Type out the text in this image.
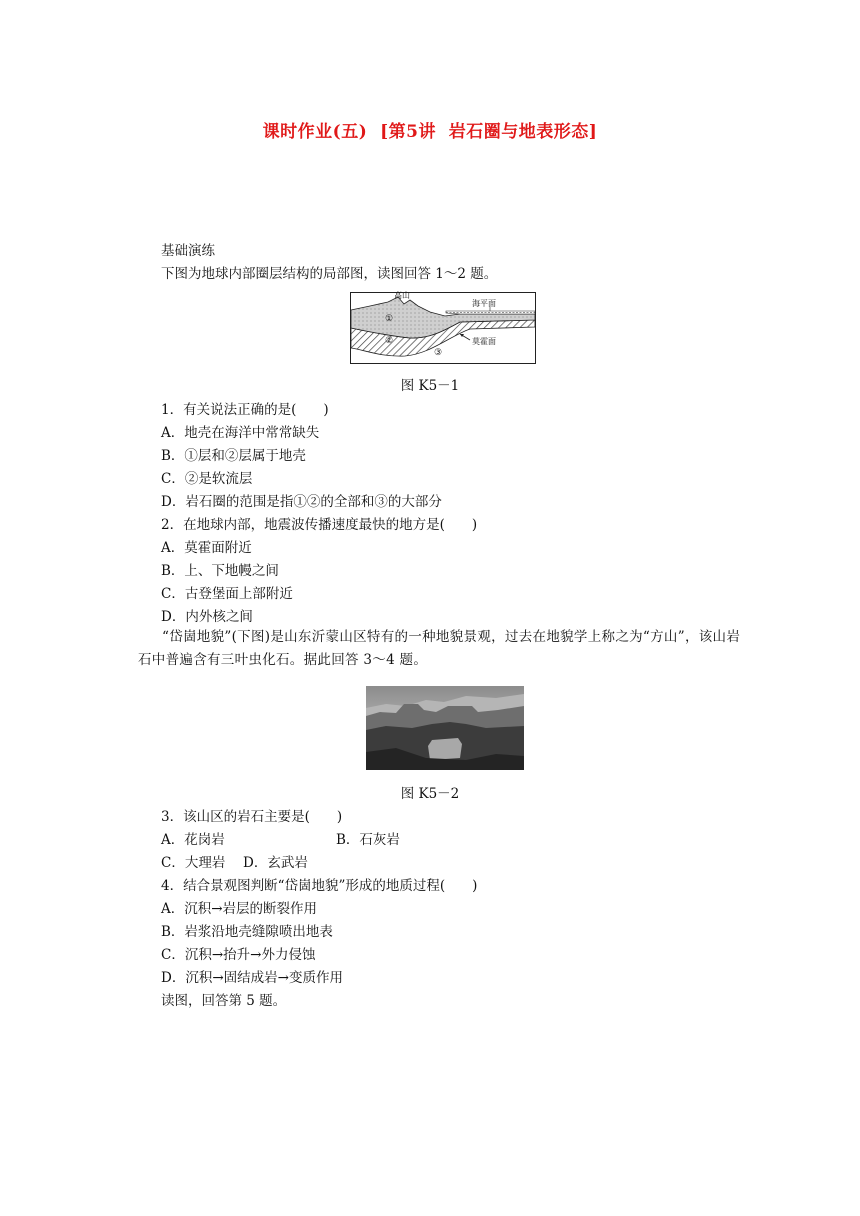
课时作业(五)  [第5讲  岩石圈与地表形态]
基础演练
下图为地球内部圈层结构的局部图，读图回答 1～2 题。
高山
海平面
莫霍面
①
②
③
图 K5－1
1．有关说法正确的是(　　)
A．地壳在海洋中常常缺失
B．①层和②层属于地壳
C．②是软流层
D．岩石圈的范围是指①②的全部和③的大部分
2．在地球内部，地震波传播速度最快的地方是(　　)
A．莫霍面附近
B．上、下地幔之间
C．古登堡面上部附近
D．内外核之间
“岱崮地貌”(下图)是山东沂蒙山区特有的一种地貌景观，过去在地貌学上称之为“方山”，该山岩石中普遍含有三叶虫化石。据此回答 3～4 题。
图 K5－2
3．该山区的岩石主要是(　　)
A．花岗岩	B．石灰岩
C．大理岩 D．玄武岩
4．结合景观图判断“岱崮地貌”形成的地质过程(　　)
A．沉积→岩层的断裂作用
B．岩浆沿地壳缝隙喷出地表
C．沉积→抬升→外力侵蚀
D．沉积→固结成岩→变质作用
读图，回答第 5 题。
